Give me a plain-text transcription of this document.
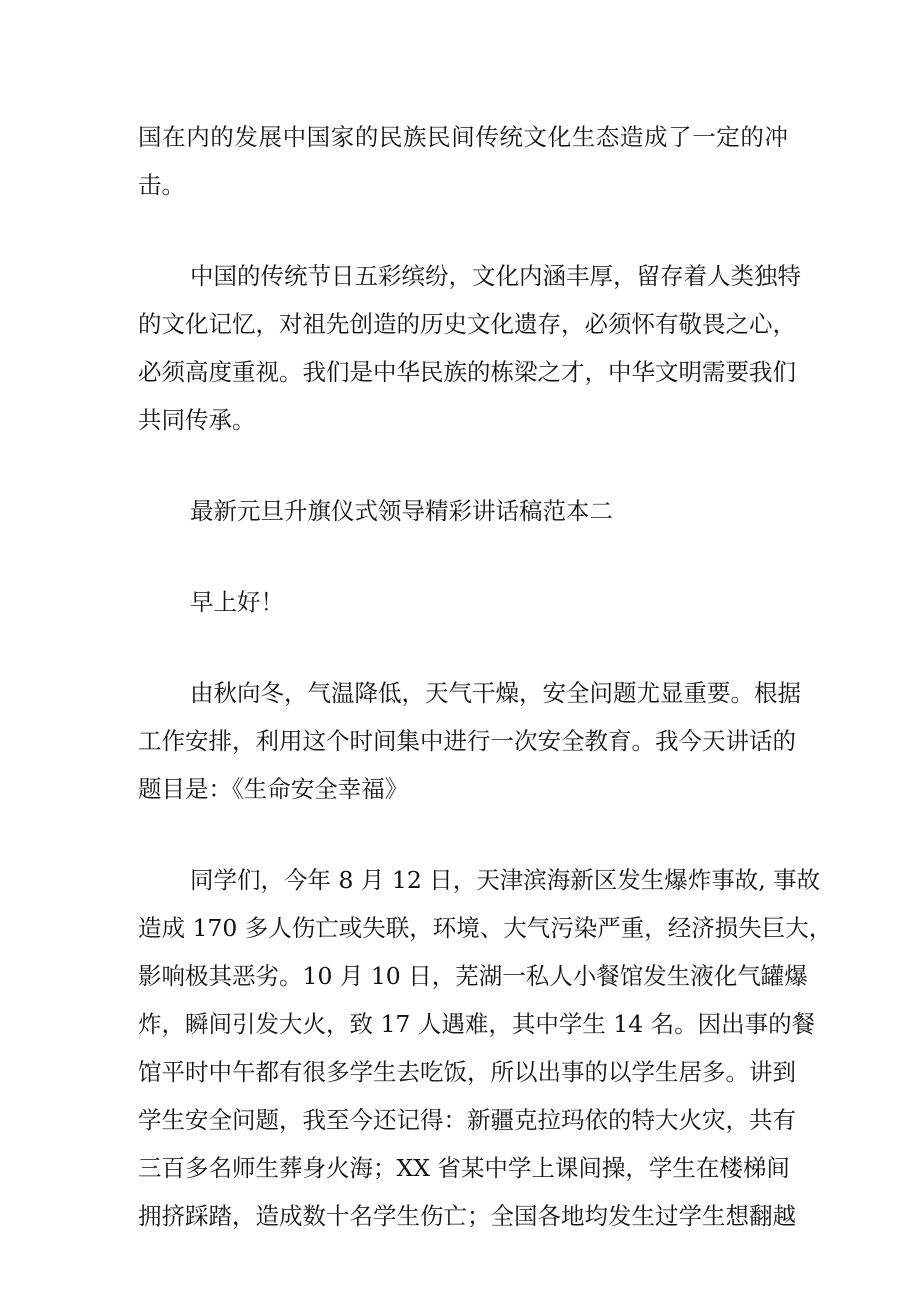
国在内的发展中国家的民族民间传统文化生态造成了一定的冲
击。
中国的传统节日五彩缤纷，文化内涵丰厚，留存着人类独特
的文化记忆，对祖先创造的历史文化遗存，必须怀有敬畏之心，
必须高度重视。我们是中华民族的栋梁之才，中华文明需要我们
共同传承。
最新元旦升旗仪式领导精彩讲话稿范本二
早上好！
由秋向冬，气温降低，天气干燥，安全问题尤显重要。根据
工作安排，利用这个时间集中进行一次安全教育。我今天讲话的
题目是：《生命安全幸福》
同学们，今年 8 月 12 日，天津滨海新区发生爆炸事故, 事故
造成 170 多人伤亡或失联，环境、大气污染严重，经济损失巨大，
影响极其恶劣。10 月 10 日，芜湖一私人小餐馆发生液化气罐爆
炸，瞬间引发大火，致 17 人遇难，其中学生 14 名。因出事的餐
馆平时中午都有很多学生去吃饭，所以出事的以学生居多。讲到
学生安全问题，我至今还记得：新疆克拉玛依的特大火灾，共有
三百多名师生葬身火海；XX 省某中学上课间操，学生在楼梯间
拥挤踩踏，造成数十名学生伤亡；全国各地均发生过学生想翻越
